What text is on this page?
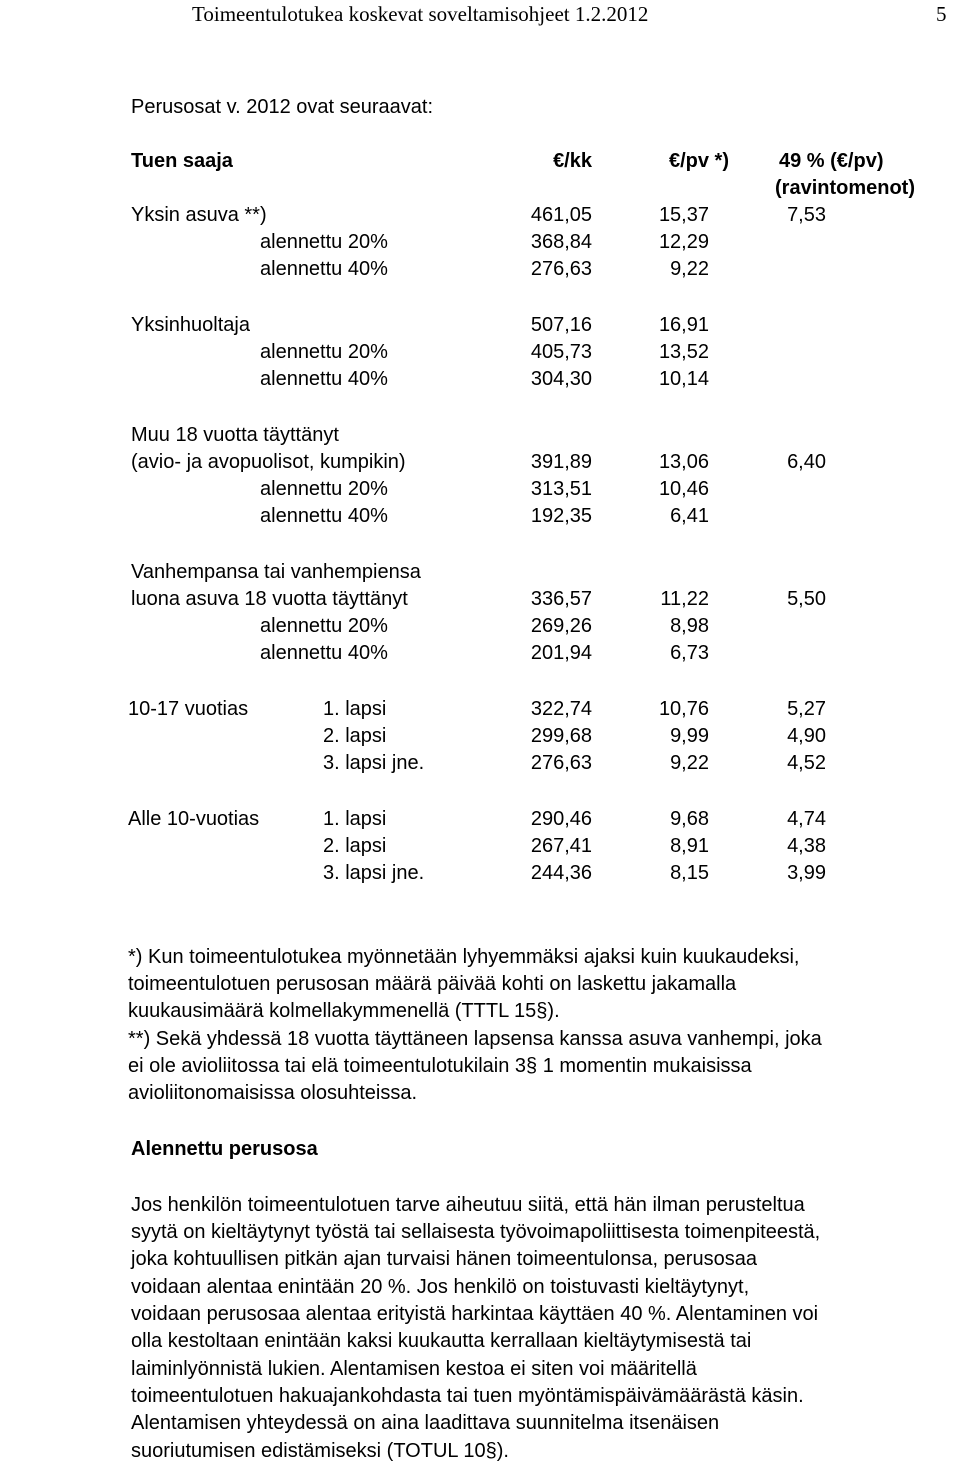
Toimeentulotukea koskevat soveltamisohjeet 1.2.2012	5
Perusosat v. 2012 ovat seuraavat:
Tuen saaja	€/kk	€/pv *)	49 % (€/pv)
(ravintomenot)
Yksin asuva **)	461,05	15,37	7,53
alennettu 20%	368,84	12,29
alennettu 40%	276,63	9,22
Yksinhuoltaja	507,16	16,91
alennettu 20%	405,73	13,52
alennettu 40%	304,30	10,14
Muu 18 vuotta täyttänyt
(avio- ja avopuolisot, kumpikin)	391,89	13,06	6,40
alennettu 20%	313,51	10,46
alennettu 40%	192,35	6,41
Vanhempansa tai vanhempiensa
luona asuva 18 vuotta täyttänyt	336,57	11,22	5,50
alennettu 20%	269,26	8,98
alennettu 40%	201,94	6,73
10-17 vuotias	1. lapsi	322,74	10,76	5,27
2. lapsi	299,68	9,99	4,90
3. lapsi jne.	276,63	9,22	4,52
Alle 10-vuotias	1. lapsi	290,46	9,68	4,74
2. lapsi	267,41	8,91	4,38
3. lapsi jne.	244,36	8,15	3,99
*) Kun toimeentulotukea myönnetään lyhyemmäksi ajaksi kuin kuukaudeksi,
toimeentulotuen perusosan määrä päivää kohti on laskettu jakamalla
kuukausimäärä kolmellakymmenellä (TTTL 15§).
**) Sekä yhdessä 18 vuotta täyttäneen lapsensa kanssa asuva vanhempi, joka
ei ole avioliitossa tai elä toimeentulotukilain 3§ 1 momentin mukaisissa
avioliitonomaisissa olosuhteissa.
Alennettu perusosa
Jos henkilön toimeentulotuen tarve aiheutuu siitä, että hän ilman perusteltua
syytä on kieltäytynyt työstä tai sellaisesta työvoimapoliittisesta toimenpiteestä,
joka kohtuullisen pitkän ajan turvaisi hänen toimeentulonsa, perusosaa
voidaan alentaa enintään 20 %. Jos henkilö on toistuvasti kieltäytynyt,
voidaan perusosaa alentaa erityistä harkintaa käyttäen 40 %. Alentaminen voi
olla kestoltaan enintään kaksi kuukautta kerrallaan kieltäytymisestä tai
laiminlyönnistä lukien. Alentamisen kestoa ei siten voi määritellä
toimeentulotuen hakuajankohdasta tai tuen myöntämispäivämäärästä käsin.
Alentamisen yhteydessä on aina laadittava suunnitelma itsenäisen
suoriutumisen edistämiseksi (TOTUL 10§).
